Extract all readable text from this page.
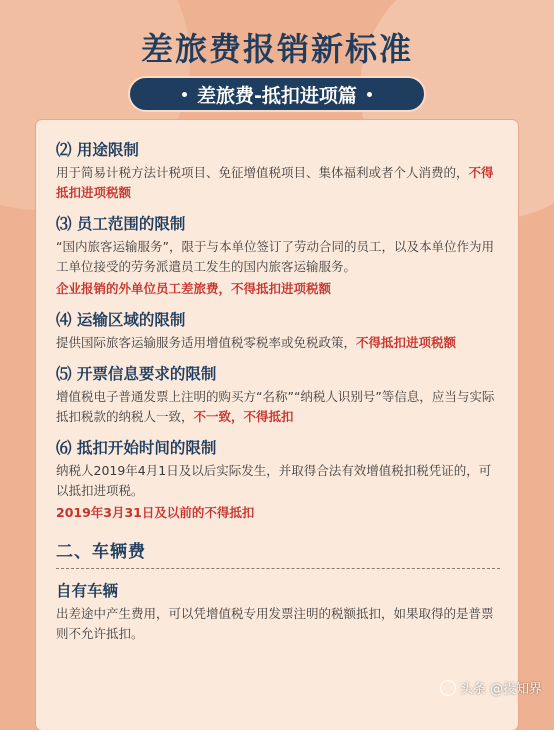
差旅费报销新标准
差旅费-抵扣进项篇

⑵ 用途限制

用于简易计税方法计税项目、免征增值税项目、集体福利或者个人消费的，不得抵扣进项税额

⑶ 员工范围的限制

“国内旅客运输服务”，限于与本单位签订了劳动合同的员工，以及本单位作为用工单位接受的劳务派遣员工发生的国内旅客运输服务。

企业报销的外单位员工差旅费，不得抵扣进项税额

⑷ 运输区域的限制

提供国际旅客运输服务适用增值税零税率或免税政策，不得抵扣进项税额

⑸ 开票信息要求的限制

增值税电子普通发票上注明的购买方“名称”“纳税人识别号”等信息，应当与实际抵扣税款的纳税人一致，不一致，不得抵扣

⑹ 抵扣开始时间的限制

纳税人2019年4月1日及以后实际发生，并取得合法有效增值税扣税凭证的，可以抵扣进项税。

2019年3月31日及以前的不得抵扣

二、车辆费
自有车辆

出差途中产生费用，可以凭增值税专用发票注明的税额抵扣，如果取得的是普票则不允许抵扣。

头条 @投知界
